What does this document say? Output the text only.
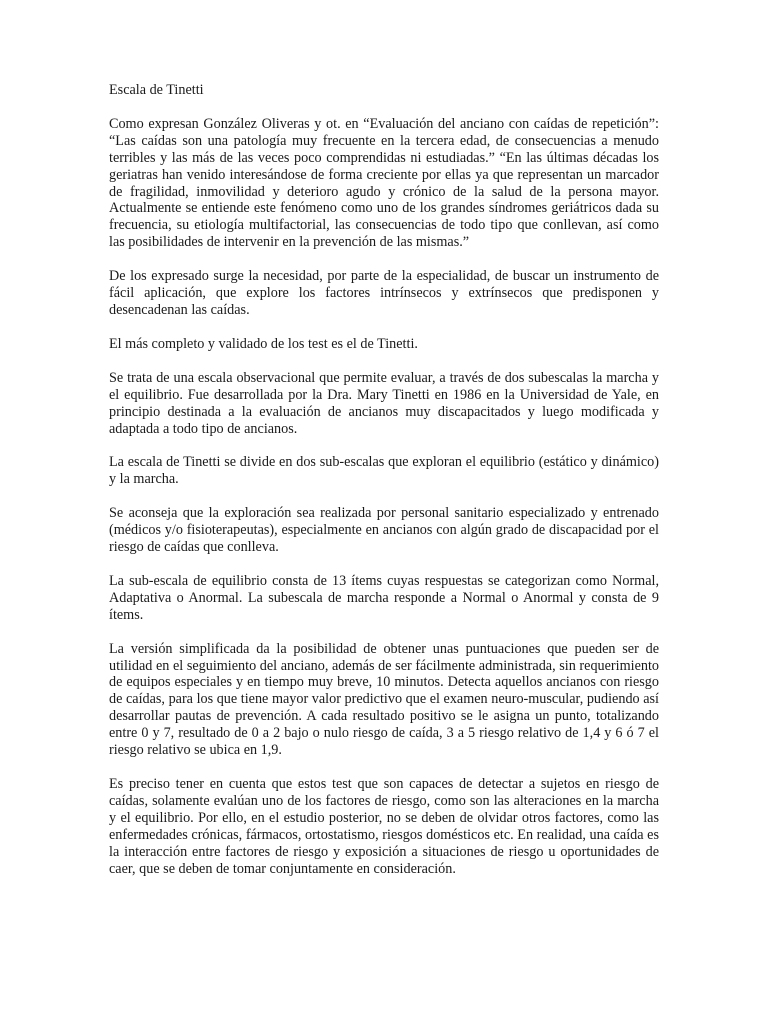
Escala de Tinetti

Como expresan González Oliveras y ot. en “Evaluación del anciano con caídas de repetición”: “Las caídas son una patología muy frecuente en la tercera edad, de consecuencias a menudo terribles y las más de las veces poco comprendidas ni estudiadas.” “En las últimas décadas los geriatras han venido interesándose de forma creciente por ellas ya que representan un marcador de fragilidad, inmovilidad y deterioro agudo y crónico de la salud de la persona mayor. Actualmente se entiende este fenómeno como uno de los grandes síndromes geriátricos dada su frecuencia, su etiología multifactorial, las consecuencias de todo tipo que conllevan, así como las posibilidades de intervenir en la prevención de las mismas.”

De los expresado surge la necesidad, por parte de la especialidad, de buscar un instrumento de fácil aplicación, que explore los factores intrínsecos y extrínsecos que predisponen y desencadenan las caídas.

El más completo y validado de los test es el de Tinetti.

Se trata de una escala observacional que permite evaluar, a través de dos subescalas la marcha y el equilibrio. Fue desarrollada por la Dra. Mary Tinetti en 1986 en la Universidad de Yale, en principio destinada a la evaluación de ancianos muy discapacitados y luego modificada y adaptada a todo tipo de ancianos.

La escala de Tinetti se divide en dos sub-escalas que exploran el equilibrio (estático y dinámico) y la marcha.

Se aconseja que la exploración sea realizada por personal sanitario especializado y entrenado (médicos y/o fisioterapeutas), especialmente en ancianos con algún grado de discapacidad por el riesgo de caídas que conlleva.

La sub-escala de equilibrio consta de 13 ítems cuyas respuestas se categorizan como Normal, Adaptativa o Anormal. La subescala de marcha responde a Normal o Anormal y consta de 9 ítems.

La versión simplificada da la posibilidad de obtener unas puntuaciones que pueden ser de utilidad en el seguimiento del anciano, además de ser fácilmente administrada, sin requerimiento de equipos especiales y en tiempo muy breve, 10 minutos. Detecta aquellos ancianos con riesgo de caídas, para los que tiene mayor valor predictivo que el examen neuro-muscular, pudiendo así desarrollar pautas de prevención. A cada resultado positivo se le asigna un punto, totalizando entre 0 y 7, resultado de 0 a 2 bajo o nulo riesgo de caída, 3 a 5 riesgo relativo de 1,4 y 6 ó 7 el riesgo relativo se ubica en 1,9.

Es preciso tener en cuenta que estos test que son capaces de detectar a sujetos en riesgo de caídas, solamente evalúan uno de los factores de riesgo, como son las alteraciones en la marcha y el equilibrio. Por ello, en el estudio posterior, no se deben de olvidar otros factores, como las enfermedades crónicas, fármacos, ortostatismo, riesgos domésticos etc. En realidad, una caída es la interacción entre factores de riesgo y exposición a situaciones de riesgo u oportunidades de caer, que se deben de tomar conjuntamente en consideración.
